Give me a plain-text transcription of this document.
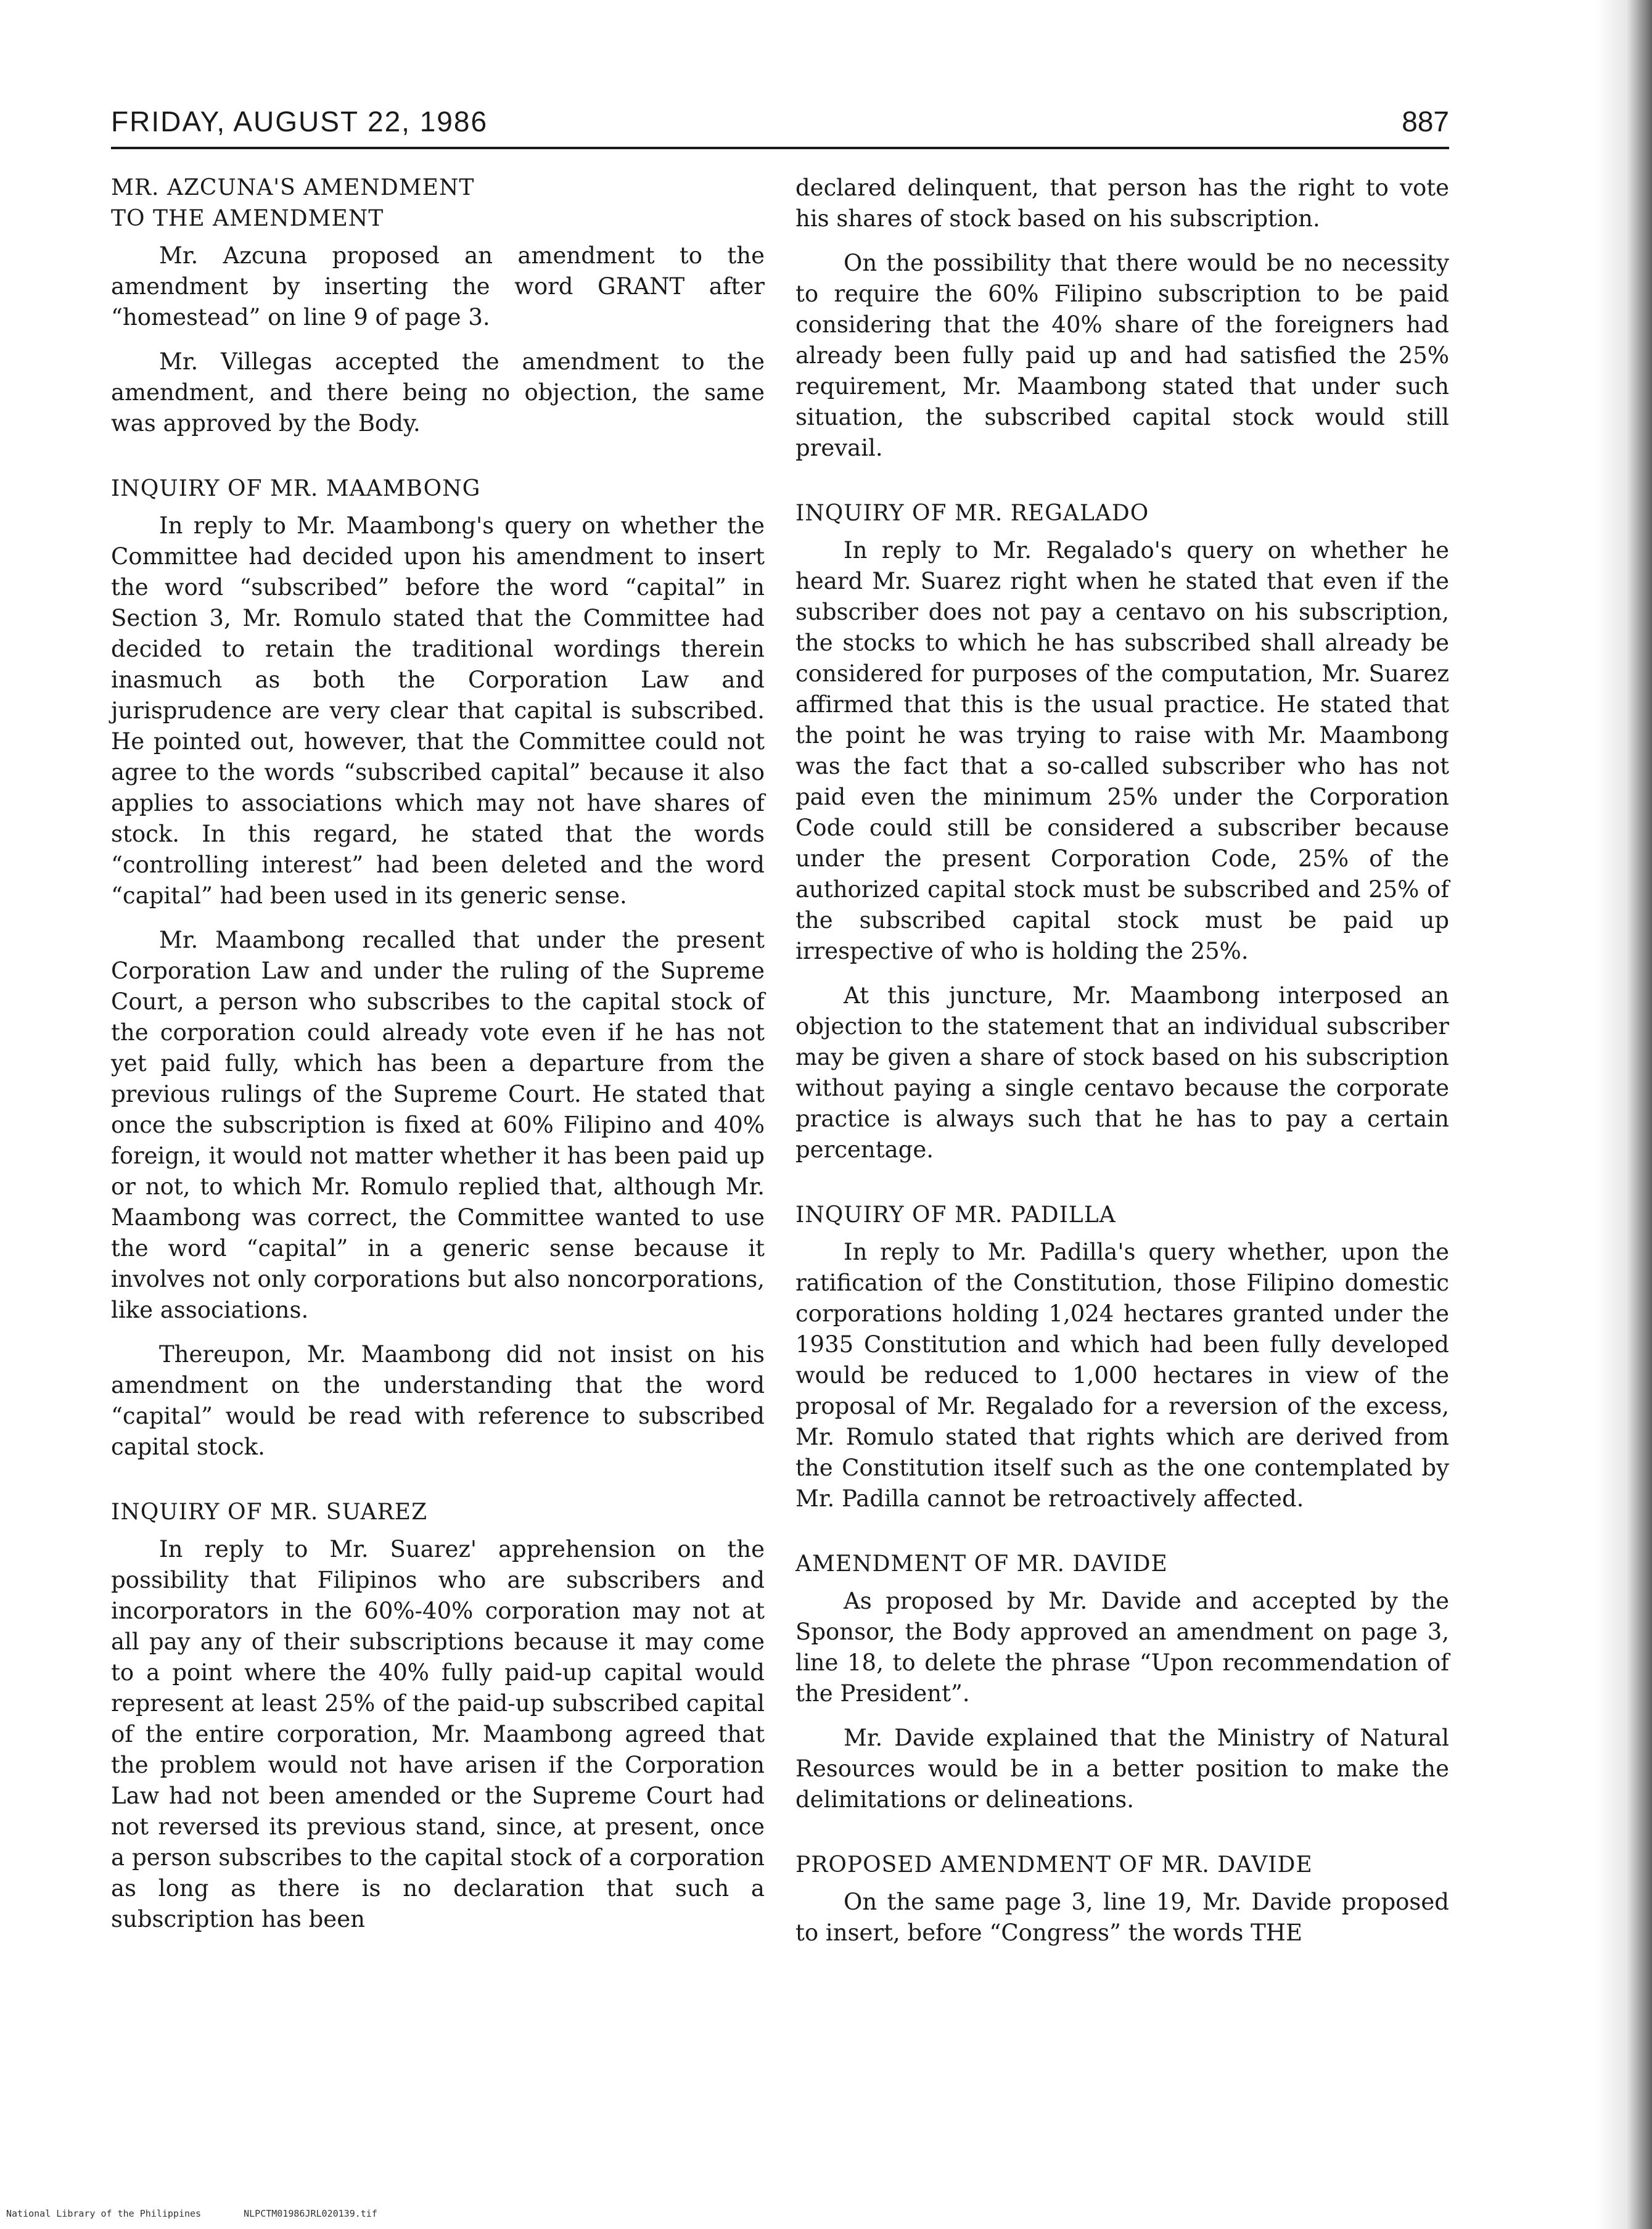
FRIDAY, AUGUST 22, 1986	887
MR. AZCUNA'S AMENDMENT
TO THE AMENDMENT

Mr. Azcuna proposed an amendment to the amendment by inserting the word GRANT after “homestead” on line 9 of page 3.

Mr. Villegas accepted the amendment to the amendment, and there being no objection, the same was approved by the Body.

INQUIRY OF MR. MAAMBONG

In reply to Mr. Maambong's query on whether the Committee had decided upon his amendment to insert the word “subscribed” before the word “capital” in Section 3, Mr. Romulo stated that the Committee had decided to retain the traditional wordings therein inasmuch as both the Corporation Law and jurisprudence are very clear that capital is subscribed. He pointed out, however, that the Committee could not agree to the words “subscribed capital” because it also applies to associations which may not have shares of stock. In this regard, he stated that the words “controlling interest” had been deleted and the word “capital” had been used in its generic sense.

Mr. Maambong recalled that under the present Corporation Law and under the ruling of the Supreme Court, a person who subscribes to the capital stock of the corporation could already vote even if he has not yet paid fully, which has been a departure from the previous rulings of the Supreme Court. He stated that once the subscription is fixed at 60% Filipino and 40% foreign, it would not matter whether it has been paid up or not, to which Mr. Romulo replied that, although Mr. Maambong was correct, the Committee wanted to use the word “capital” in a generic sense because it involves not only corporations but also noncorporations, like associations.

Thereupon, Mr. Maambong did not insist on his amendment on the understanding that the word “capital” would be read with reference to subscribed capital stock.

INQUIRY OF MR. SUAREZ

In reply to Mr. Suarez' apprehension on the possibility that Filipinos who are subscribers and incorporators in the 60%-40% corporation may not at all pay any of their subscriptions because it may come to a point where the 40% fully paid-up capital would represent at least 25% of the paid-up subscribed capital of the entire corporation, Mr. Maambong agreed that the problem would not have arisen if the Corporation Law had not been amended or the Supreme Court had not reversed its previous stand, since, at present, once a person subscribes to the capital stock of a corporation as long as there is no declaration that such a subscription has been

declared delinquent, that person has the right to vote his shares of stock based on his subscription.

On the possibility that there would be no necessity to require the 60% Filipino subscription to be paid considering that the 40% share of the foreigners had already been fully paid up and had satisfied the 25% requirement, Mr. Maambong stated that under such situation, the subscribed capital stock would still prevail.

INQUIRY OF MR. REGALADO

In reply to Mr. Regalado's query on whether he heard Mr. Suarez right when he stated that even if the subscriber does not pay a centavo on his subscription, the stocks to which he has subscribed shall already be considered for purposes of the computation, Mr. Suarez affirmed that this is the usual practice. He stated that the point he was trying to raise with Mr. Maambong was the fact that a so-called subscriber who has not paid even the minimum 25% under the Corporation Code could still be considered a subscriber because under the present Corporation Code, 25% of the authorized capital stock must be subscribed and 25% of the subscribed capital stock must be paid up irrespective of who is holding the 25%.

At this juncture, Mr. Maambong interposed an objection to the statement that an individual subscriber may be given a share of stock based on his subscription without paying a single centavo because the corporate practice is always such that he has to pay a certain percentage.

INQUIRY OF MR. PADILLA

In reply to Mr. Padilla's query whether, upon the ratification of the Constitution, those Filipino domestic corporations holding 1,024 hectares granted under the 1935 Constitution and which had been fully developed would be reduced to 1,000 hectares in view of the proposal of Mr. Regalado for a reversion of the excess, Mr. Romulo stated that rights which are derived from the Constitution itself such as the one contemplated by Mr. Padilla cannot be retroactively affected.

AMENDMENT OF MR. DAVIDE

As proposed by Mr. Davide and accepted by the Sponsor, the Body approved an amendment on page 3, line 18, to delete the phrase “Upon recommendation of the President”.

Mr. Davide explained that the Ministry of Natural Resources would be in a better position to make the delimitations or delineations.

PROPOSED AMENDMENT OF MR. DAVIDE

On the same page 3, line 19, Mr. Davide proposed to insert, before “Congress” the words THE

National Library of the Philippines	NLPCTM01986JRL020139.tif
